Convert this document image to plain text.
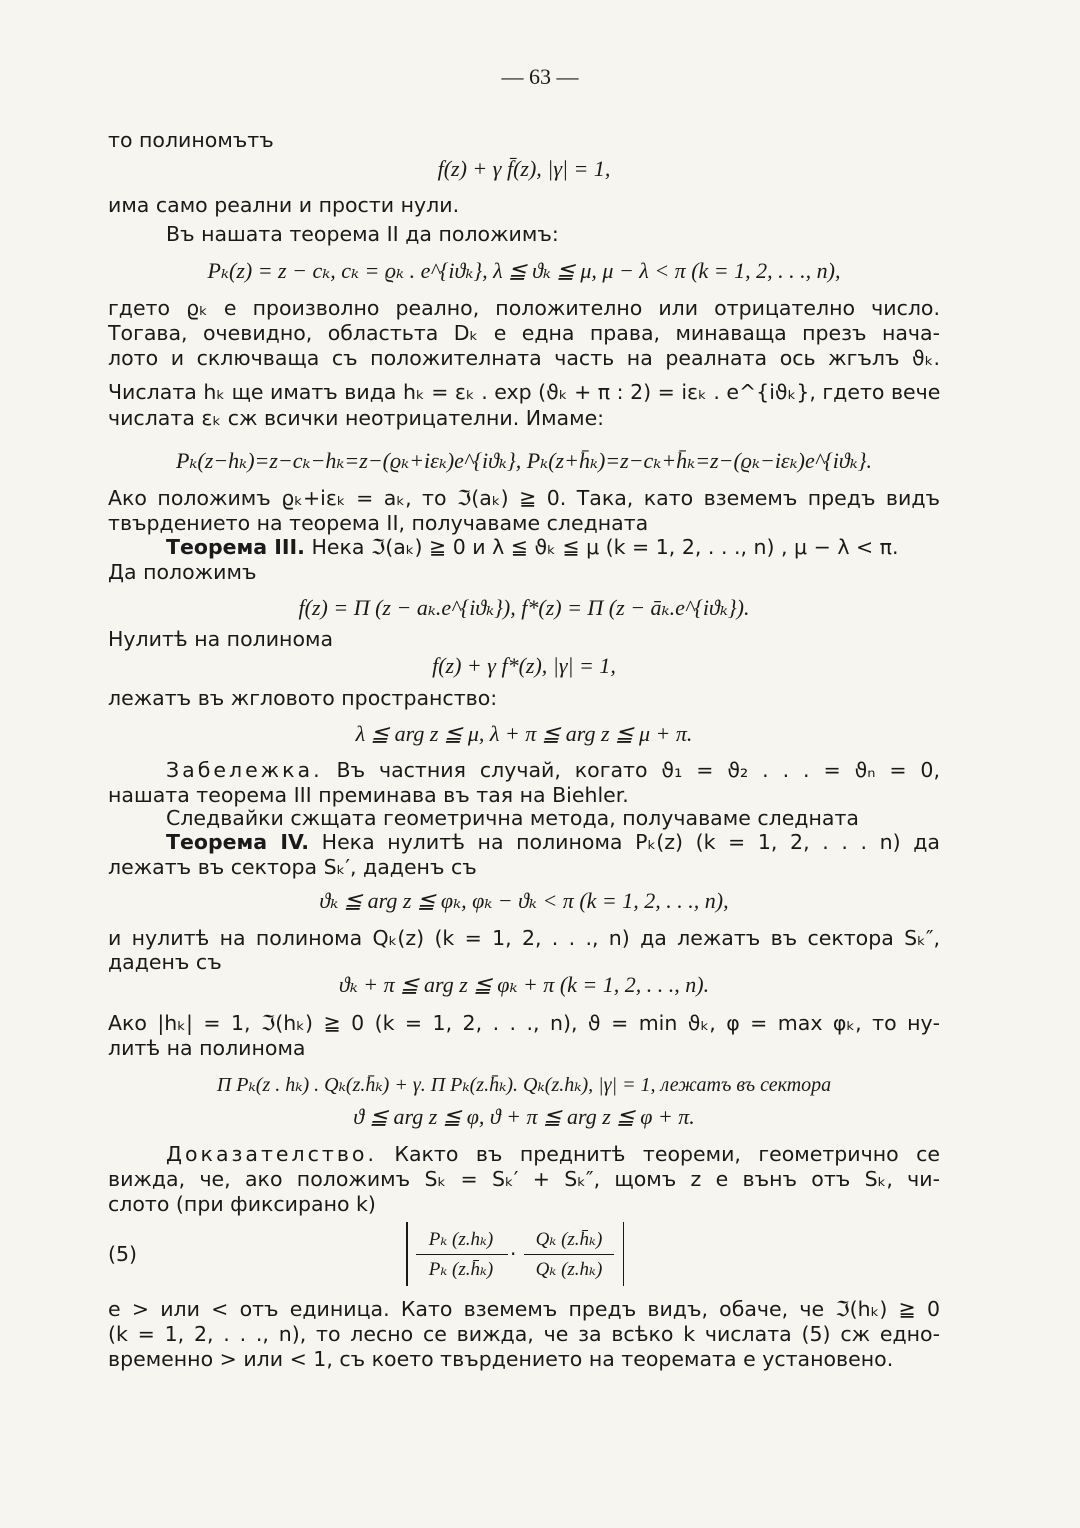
— 63 —
то полиномътъ
f(z) + γ f̄(z), |γ| = 1,
има само реални и прости нули.
Въ нашата теорема II да положимъ:
Pₖ(z) = z − cₖ, cₖ = ϱₖ . e^{iϑₖ}, λ ≦ ϑₖ ≦ μ, μ − λ < π (k = 1, 2, . . ., n),
гдето ϱₖ е произволно реално, положително или отрицателно число.
Тогава, очевидно, областьта Dₖ е една права, минаваща презъ нача-
лото и сключваща съ положителната часть на реалната ось жгълъ ϑₖ.
Числата hₖ ще иматъ вида hₖ = εₖ . exp (ϑₖ + π : 2) = iεₖ . e^{iϑₖ}, гдето вече
числата εₖ сж всички неотрицателни. Имаме:
Pₖ(z−hₖ)=z−cₖ−hₖ=z−(ϱₖ+iεₖ)e^{iϑₖ}, Pₖ(z+h̄ₖ)=z−cₖ+h̄ₖ=z−(ϱₖ−iεₖ)e^{iϑₖ}.
Ако положимъ ϱₖ+iεₖ = aₖ, то ℑ(aₖ) ≧ 0. Така, като вземемъ предъ видъ
твърдението на теорема II, получаваме следната
Теорема III. Нека ℑ(aₖ) ≧ 0 и λ ≦ ϑₖ ≦ μ (k = 1, 2, . . ., n) , μ − λ < π.
Да положимъ
f(z) = Π (z − aₖ.e^{iϑₖ}), f*(z) = Π (z − āₖ.e^{iϑₖ}).
Нулитѣ на полинома
f(z) + γ f*(z), |γ| = 1,
лежатъ въ жгловото пространство:
λ ≦ arg z ≦ μ, λ + π ≦ arg z ≦ μ + π.
Забележка. Въ частния случай, когато ϑ₁ = ϑ₂ . . . = ϑₙ = 0,
нашата теорема III преминава въ тая на Biehler.
Следвайки сжщата геометрична метода, получаваме следната
Теорема IV. Нека нулитѣ на полинома Pₖ(z) (k = 1, 2, . . . n) да
лежатъ въ сектора Sₖ′, даденъ съ
ϑₖ ≦ arg z ≦ φₖ, φₖ − ϑₖ < π (k = 1, 2, . . ., n),
и нулитѣ на полинома Qₖ(z) (k = 1, 2, . . ., n) да лежатъ въ сектора Sₖ″,
даденъ съ
ϑₖ + π ≦ arg z ≦ φₖ + π (k = 1, 2, . . ., n).
Ако |hₖ| = 1, ℑ(hₖ) ≧ 0 (k = 1, 2, . . ., n), ϑ = min ϑₖ, φ = max φₖ, то ну-
литѣ на полинома
Π Pₖ(z . hₖ) . Qₖ(z.h̄ₖ) + γ. Π Pₖ(z.h̄ₖ). Qₖ(z.hₖ), |γ| = 1, лежатъ въ сектора
ϑ ≦ arg z ≦ φ, ϑ + π ≦ arg z ≦ φ + π.
Доказателство. Както въ преднитѣ теореми, геометрично се
вижда, че, ако положимъ Sₖ = Sₖ′ + Sₖ″, щомъ z е вънъ отъ Sₖ, чи-
слото (при фиксирано k)
(5)
Pₖ (z.hₖ)
Pₖ (z.h̄ₖ)
·
Qₖ (z.h̄ₖ)
Qₖ (z.hₖ)
е > или < отъ единица. Като вземемъ предъ видъ, обаче, че ℑ(hₖ) ≧ 0
(k = 1, 2, . . ., n), то лесно се вижда, че за всѣко k числата (5) сж едно-
временно > или < 1, съ което твърдението на теоремата е установено.
